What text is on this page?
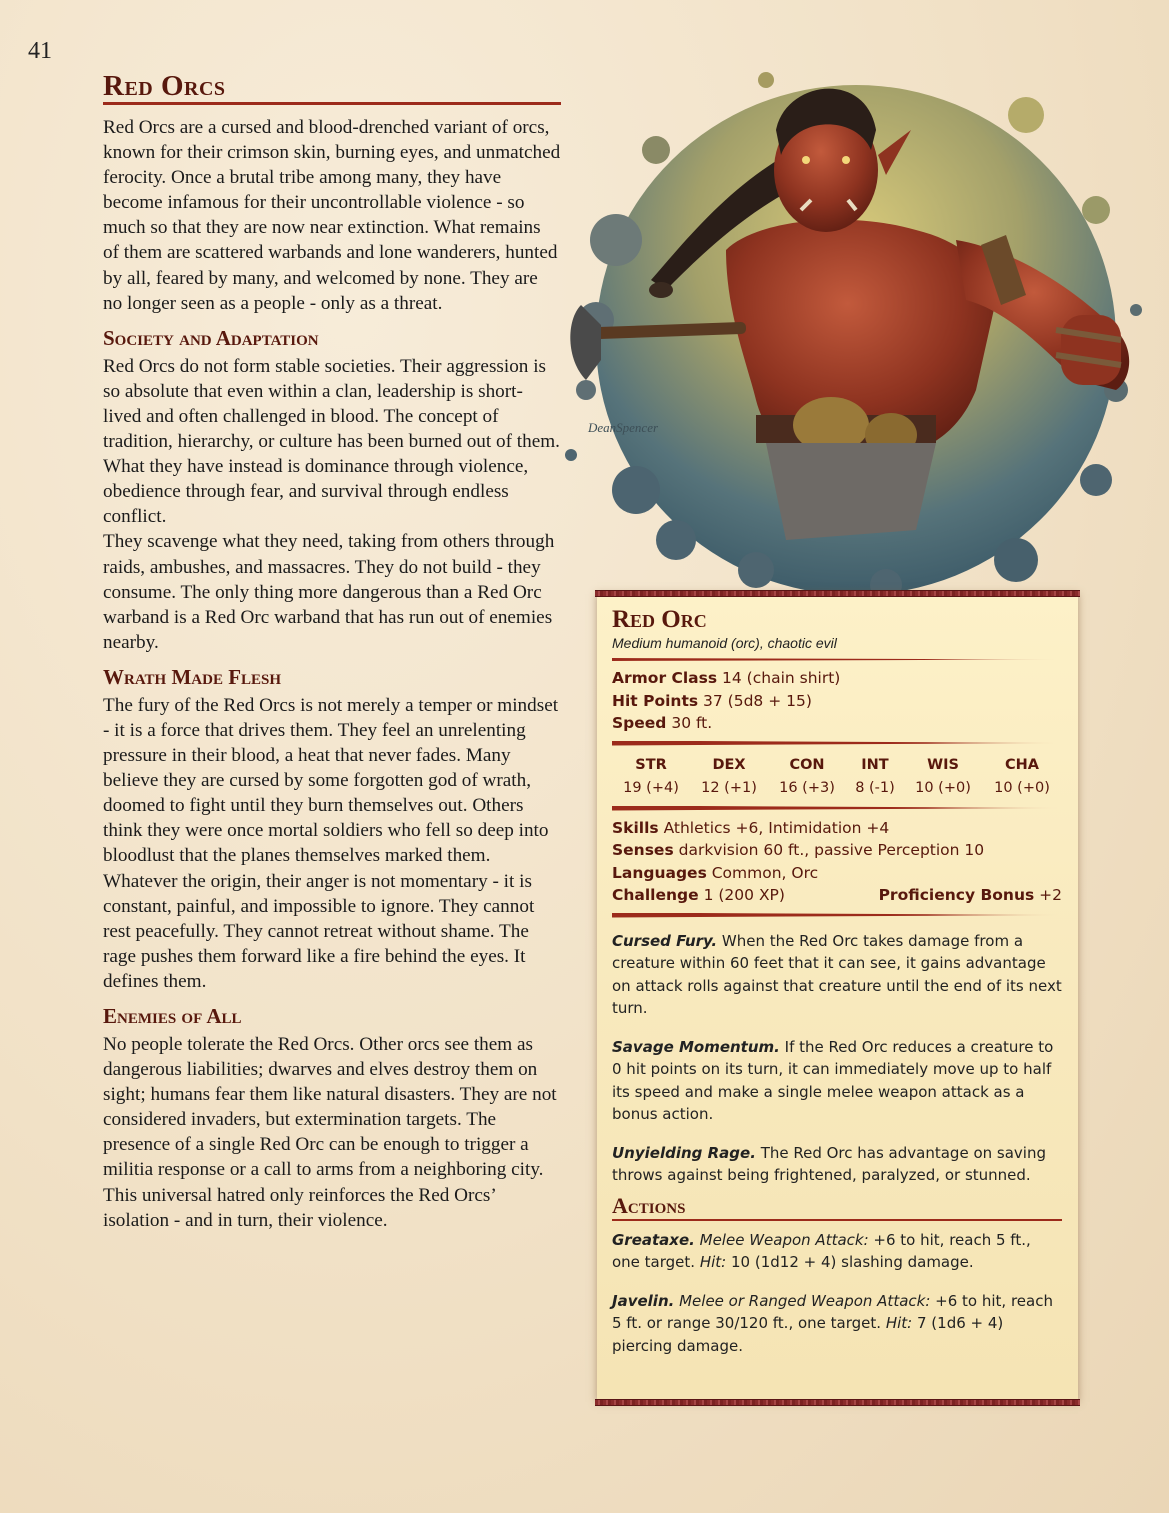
41
Red Orcs
Red Orcs are a cursed and blood-drenched variant of orcs, known for their crimson skin, burning eyes, and unmatched ferocity. Once a brutal tribe among many, they have become infamous for their uncontrollable violence - so much so that they are now near extinction. What remains of them are scattered warbands and lone wanderers, hunted by all, feared by many, and welcomed by none. They are no longer seen as a people - only as a threat.
Society and Adaptation
Red Orcs do not form stable societies. Their aggression is so absolute that even within a clan, leadership is short-lived and often challenged in blood. The concept of tradition, hierarchy, or culture has been burned out of them. What they have instead is dominance through violence, obedience through fear, and survival through endless conflict.
They scavenge what they need, taking from others through raids, ambushes, and massacres. They do not build - they consume. The only thing more dangerous than a Red Orc warband is a Red Orc warband that has run out of enemies nearby.
Wrath Made Flesh
The fury of the Red Orcs is not merely a temper or mindset - it is a force that drives them. They feel an unrelenting pressure in their blood, a heat that never fades. Many believe they are cursed by some forgotten god of wrath, doomed to fight until they burn themselves out. Others think they were once mortal soldiers who fell so deep into bloodlust that the planes themselves marked them.
Whatever the origin, their anger is not momentary - it is constant, painful, and impossible to ignore. They cannot rest peacefully. They cannot retreat without shame. The rage pushes them forward like a fire behind the eyes. It defines them.
Enemies of All
No people tolerate the Red Orcs. Other orcs see them as dangerous liabilities; dwarves and elves destroy them on sight; humans fear them like natural disasters. They are not considered invaders, but extermination targets. The presence of a single Red Orc can be enough to trigger a militia response or a call to arms from a neighboring city.
This universal hatred only reinforces the Red Orcs’ isolation - and in turn, their violence.
DeanSpencer
Red Orc
Medium humanoid (orc), chaotic evil
Armor Class 14 (chain shirt)
Hit Points 37 (5d8 + 15)
Speed 30 ft.
STR	DEX	CON	INT	WIS	CHA
19 (+4)	12 (+1)	16 (+3)	8 (-1)	10 (+0)	10 (+0)
Skills Athletics +6, Intimidation +4
Senses darkvision 60 ft., passive Perception 10
Languages Common, Orc
Challenge 1 (200 XP)	Proficiency Bonus +2
Cursed Fury. When the Red Orc takes damage from a creature within 60 feet that it can see, it gains advantage on attack rolls against that creature until the end of its next turn.
Savage Momentum. If the Red Orc reduces a creature to 0 hit points on its turn, it can immediately move up to half its speed and make a single melee weapon attack as a bonus action.
Unyielding Rage. The Red Orc has advantage on saving throws against being frightened, paralyzed, or stunned.
Actions
Greataxe. Melee Weapon Attack: +6 to hit, reach 5 ft., one target. Hit: 10 (1d12 + 4) slashing damage.
Javelin. Melee or Ranged Weapon Attack: +6 to hit, reach 5 ft. or range 30/120 ft., one target. Hit: 7 (1d6 + 4) piercing damage.
